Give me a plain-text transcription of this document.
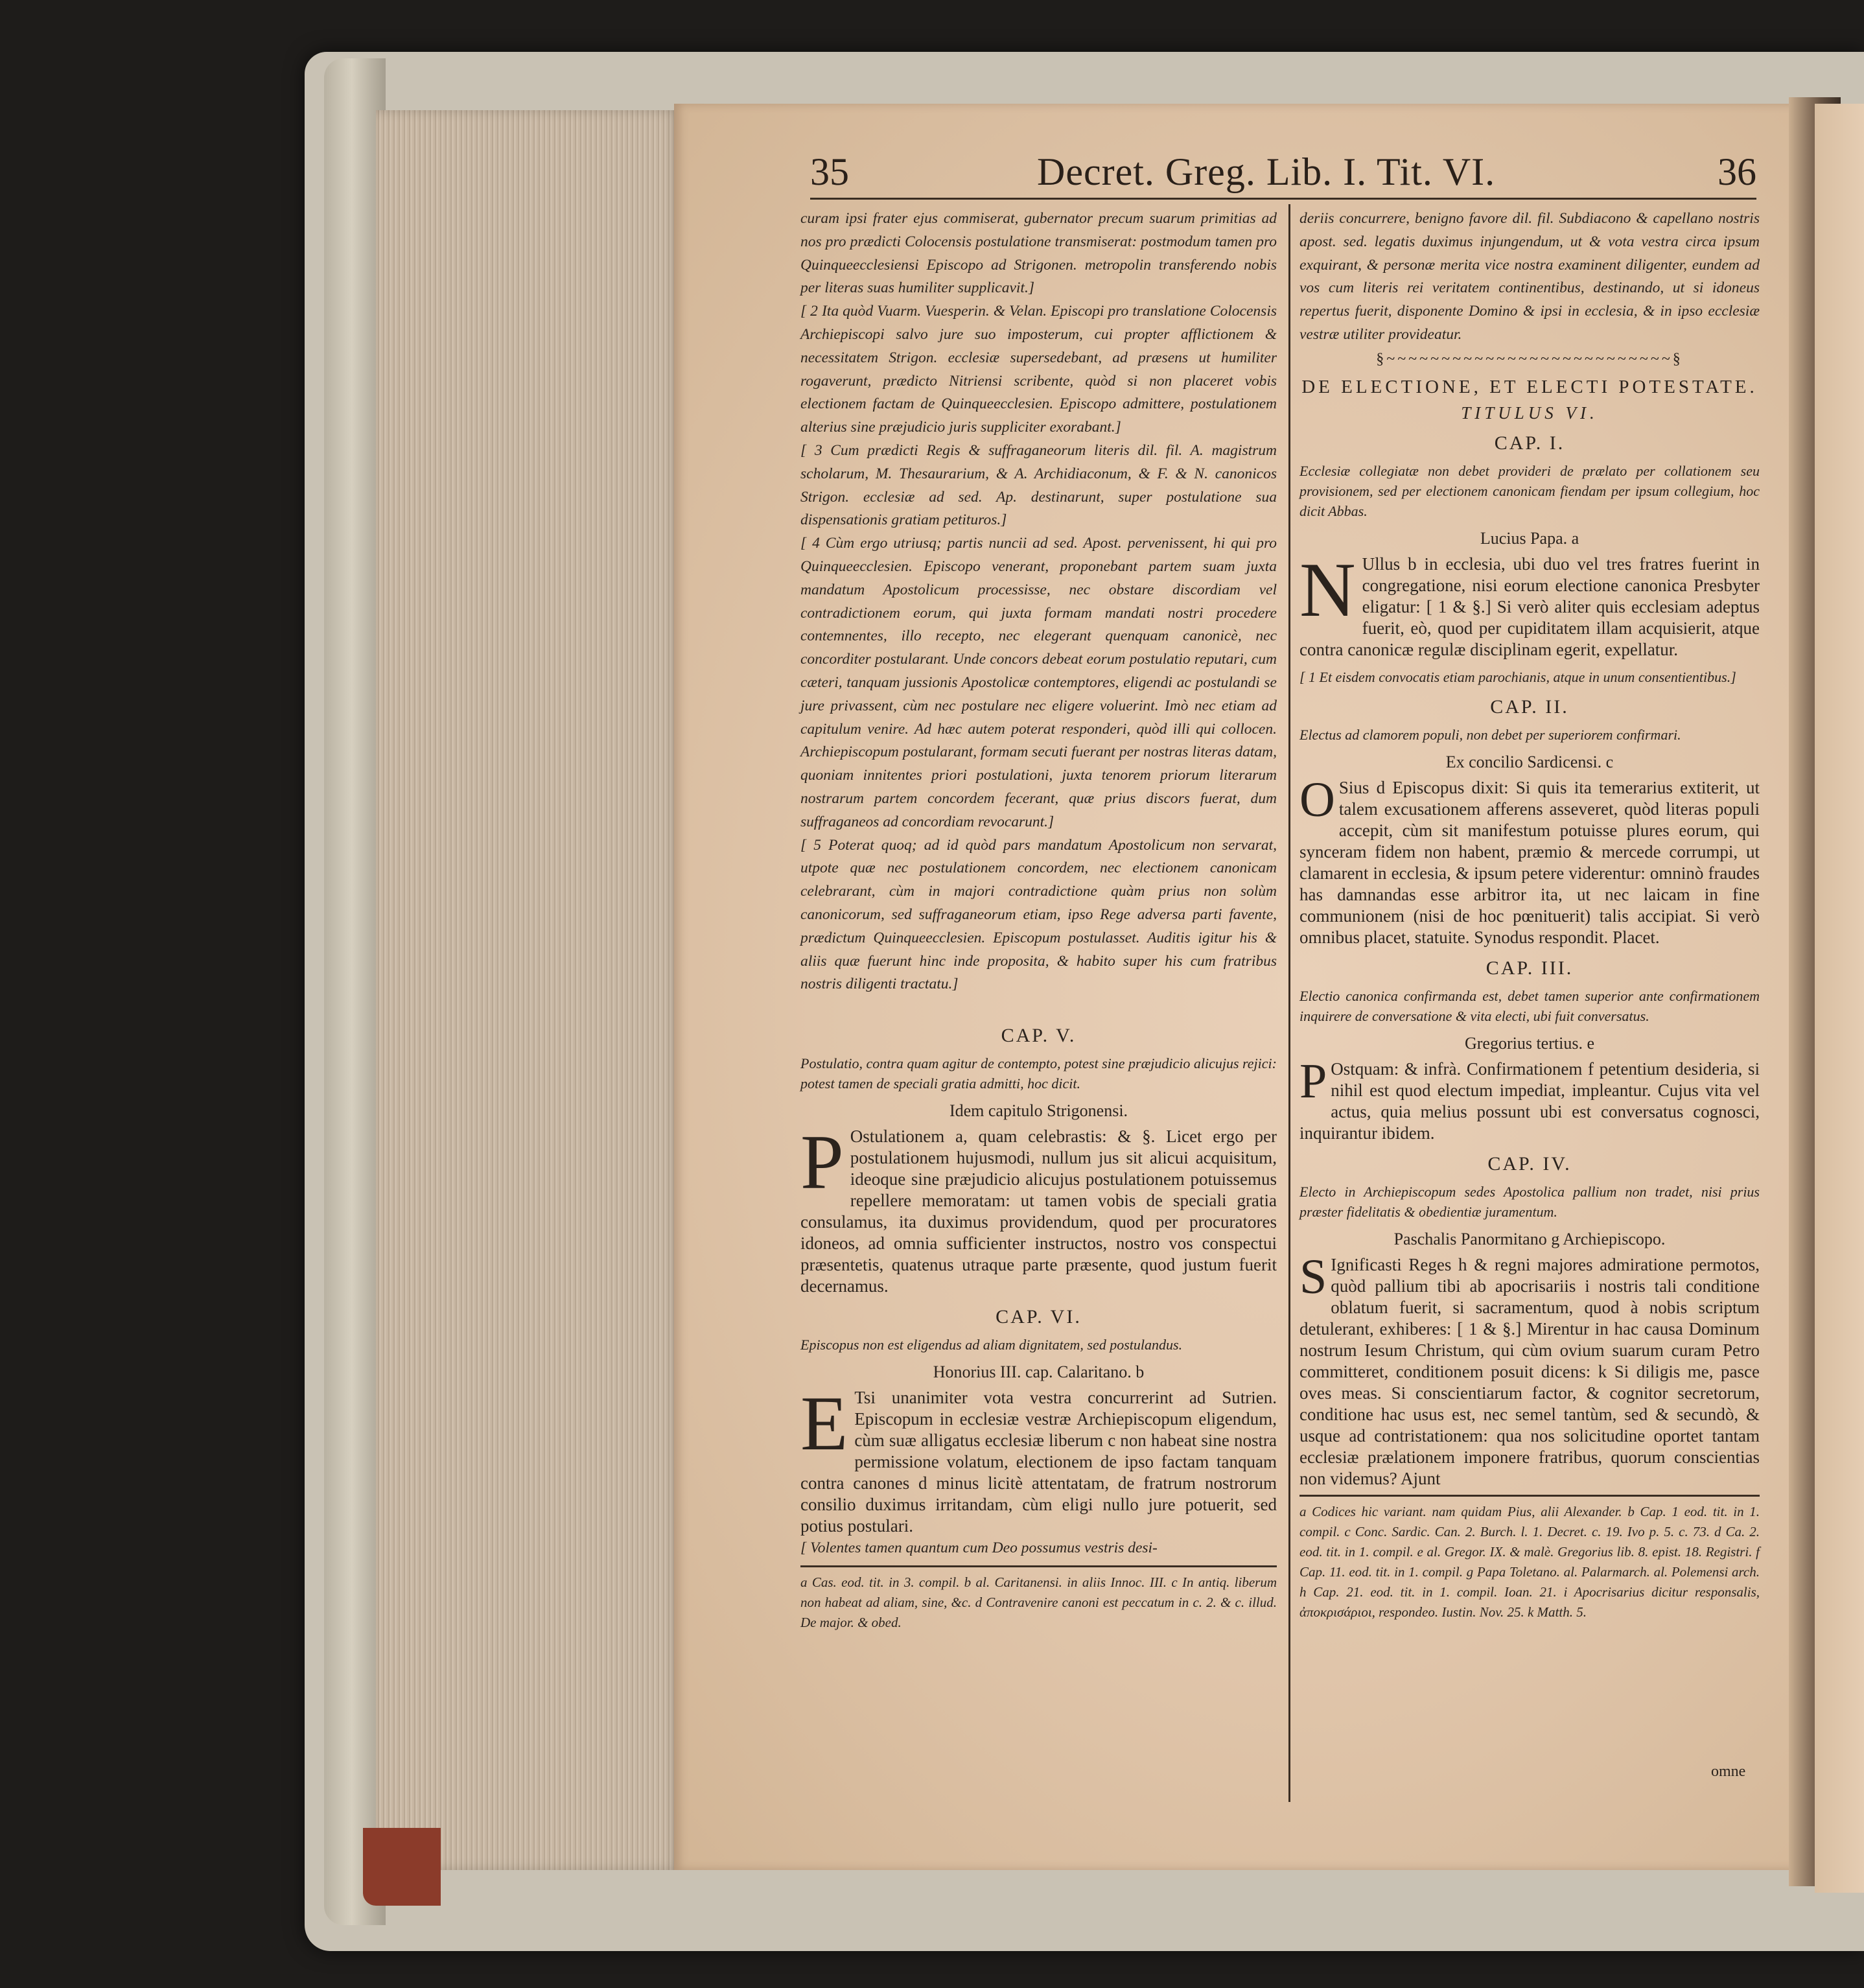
35	Decret. Greg. Lib. I. Tit. VI.	36
curam ipsi frater ejus commiserat, gubernator precum suarum primitias ad nos pro prædicti Colocensis postulatione transmiserat: postmodum tamen pro Quinqueecclesiensi Episcopo ad Strigonen. metropolin transferendo nobis per literas suas humiliter supplicavit.]
[ 2 Ita quòd Vuarm. Vuesperin. & Velan. Episcopi pro translatione Colocensis Archiepiscopi salvo jure suo imposterum, cui propter afflictionem & necessitatem Strigon. ecclesiæ supersedebant, ad præsens ut humiliter rogaverunt, prædicto Nitriensi scribente, quòd si non placeret vobis electionem factam de Quinqueecclesien. Episcopo admittere, postulationem alterius sine præjudicio juris suppliciter exorabant.]
[ 3 Cum prædicti Regis & suffraganeorum literis dil. fil. A. magistrum scholarum, M. Thesaurarium, & A. Archidiaconum, & F. & N. canonicos Strigon. ecclesiæ ad sed. Ap. destinarunt, super postulatione sua dispensationis gratiam petituros.]
[ 4 Cùm ergo utriusq; partis nuncii ad sed. Apost. pervenissent, hi qui pro Quinqueecclesien. Episcopo venerant, proponebant partem suam juxta mandatum Apostolicum processisse, nec obstare discordiam vel contradictionem eorum, qui juxta formam mandati nostri procedere contemnentes, illo recepto, nec elegerant quenquam canonicè, nec concorditer postularant. Unde concors debeat eorum postulatio reputari, cum cæteri, tanquam jussionis Apostolicæ contemptores, eligendi ac postulandi se jure privassent, cùm nec postulare nec eligere voluerint. Imò nec etiam ad capitulum venire. Ad hæc autem poterat responderi, quòd illi qui collocen. Archiepiscopum postularant, formam secuti fuerant per nostras literas datam, quoniam innitentes priori postulationi, juxta tenorem priorum literarum nostrarum partem concordem fecerant, quæ prius discors fuerat, dum suffraganeos ad concordiam revocarunt.]
[ 5 Poterat quoq; ad id quòd pars mandatum Apostolicum non servarat, utpote quæ nec postulationem concordem, nec electionem canonicam celebrarant, cùm in majori contradictione quàm prius non solùm canonicorum, sed suffraganeorum etiam, ipso Rege adversa parti favente, prædictum Quinqueecclesien. Episcopum postulasset. Auditis igitur his & aliis quæ fuerunt hinc inde proposita, & habito super his cum fratribus nostris diligenti tractatu.]
CAP. V.
Postulatio, contra quam agitur de contempto, potest sine præjudicio alicujus rejici: potest tamen de speciali gratia admitti, hoc dicit.
Idem capitulo Strigonensi.
P Ostulationem a, quam celebrastis: & §. Licet ergo per postulationem hujusmodi, nullum jus sit alicui acquisitum, ideoque sine præjudicio alicujus postulationem potuissemus repellere memoratam: ut tamen vobis de speciali gratia consulamus, ita duximus providendum, quod per procuratores idoneos, ad omnia sufficienter instructos, nostro vos conspectui præsentetis, quatenus utraque parte præsente, quod justum fuerit decernamus.
CAP. VI.
Episcopus non est eligendus ad aliam dignitatem, sed postulandus.
Honorius III. cap. Calaritano. b
E Tsi unanimiter vota vestra concurrerint ad Sutrien. Episcopum in ecclesiæ vestræ Archiepiscopum eligendum, cùm suæ alligatus ecclesiæ liberum c non habeat sine nostra permissione volatum, electionem de ipso factam tanquam contra canones d minus licitè attentatam, de fratrum nostrorum consilio duximus irritandam, cùm eligi nullo jure potuerit, sed potius postulari.
[ Volentes tamen quantum cum Deo possumus vestris desi-
a Cas. eod. tit. in 3. compil. b al. Caritanensi. in aliis Innoc. III. c In antiq. liberum non habeat ad aliam, sine, &c. d Contravenire canoni est peccatum in c. 2. & c. illud. De major. & obed.
deriis concurrere, benigno favore dil. fil. Subdiacono & capellano nostris apost. sed. legatis duximus injungendum, ut & vota vestra circa ipsum exquirant, & personæ merita vice nostra examinent diligenter, eundem ad vos cum literis rei veritatem continentibus, destinando, ut si idoneus repertus fuerit, disponente Domino & ipsi in ecclesia, & in ipso ecclesiæ vestræ utiliter provideatur.
§~~~~~~~~~~~~~~~~~~~~~~~~~~§
DE ELECTIONE, ET ELECTI POTESTATE.
TITULUS VI.
CAP. I.
Ecclesiæ collegiatæ non debet provideri de prælato per collationem seu provisionem, sed per electionem canonicam fiendam per ipsum collegium, hoc dicit Abbas.
Lucius Papa. a
N Ullus b in ecclesia, ubi duo vel tres fratres fuerint in congregatione, nisi eorum electione canonica Presbyter eligatur: [ 1 & §.] Si verò aliter quis ecclesiam adeptus fuerit, eò, quod per cupiditatem illam acquisierit, atque contra canonicæ regulæ disciplinam egerit, expellatur.
[ 1 Et eisdem convocatis etiam parochianis, atque in unum consentientibus.]
CAP. II.
Electus ad clamorem populi, non debet per superiorem confirmari.
Ex concilio Sardicensi. c
O Sius d Episcopus dixit: Si quis ita temerarius extiterit, ut talem excusationem afferens asseveret, quòd literas populi accepit, cùm sit manifestum potuisse plures eorum, qui synceram fidem non habent, præmio & mercede corrumpi, ut clamarent in ecclesia, & ipsum petere viderentur: omninò fraudes has damnandas esse arbitror ita, ut nec laicam in fine communionem (nisi de hoc pœnituerit) talis accipiat. Si verò omnibus placet, statuite. Synodus respondit. Placet.
CAP. III.
Electio canonica confirmanda est, debet tamen superior ante confirmationem inquirere de conversatione & vita electi, ubi fuit conversatus.
Gregorius tertius. e
P Ostquam: & infrà. Confirmationem f petentium desideria, si nihil est quod electum impediat, impleantur. Cujus vita vel actus, quia melius possunt ubi est conversatus cognosci, inquirantur ibidem.
CAP. IV.
Electo in Archiepiscopum sedes Apostolica pallium non tradet, nisi prius præster fidelitatis & obedientiæ juramentum.
Paschalis Panormitano g Archiepiscopo.
S Ignificasti Reges h & regni majores admiratione permotos, quòd pallium tibi ab apocrisariis i nostris tali conditione oblatum fuerit, si sacramentum, quod à nobis scriptum detulerant, exhiberes: [ 1 & §.] Mirentur in hac causa Dominum nostrum Iesum Christum, qui cùm ovium suarum curam Petro committeret, conditionem posuit dicens: k Si diligis me, pasce oves meas. Si conscientiarum factor, & cognitor secretorum, conditione hac usus est, nec semel tantùm, sed & secundò, & usque ad contristationem: qua nos solicitudine oportet tantam ecclesiæ prælationem imponere fratribus, quorum conscientias non videmus? Ajunt
a Codices hic variant. nam quidam Pius, alii Alexander. b Cap. 1 eod. tit. in 1. compil. c Conc. Sardic. Can. 2. Burch. l. 1. Decret. c. 19. Ivo p. 5. c. 73. d Ca. 2. eod. tit. in 1. compil. e al. Gregor. IX. & malè. Gregorius lib. 8. epist. 18. Registri. f Cap. 11. eod. tit. in 1. compil. g Papa Toletano. al. Palarmarch. al. Polemensi arch. h Cap. 21. eod. tit. in 1. compil. Ioan. 21. i Apocrisarius dicitur responsalis, ἀποκρισάριοι, respondeo. Iustin. Nov. 25. k Matth. 5.
omne
